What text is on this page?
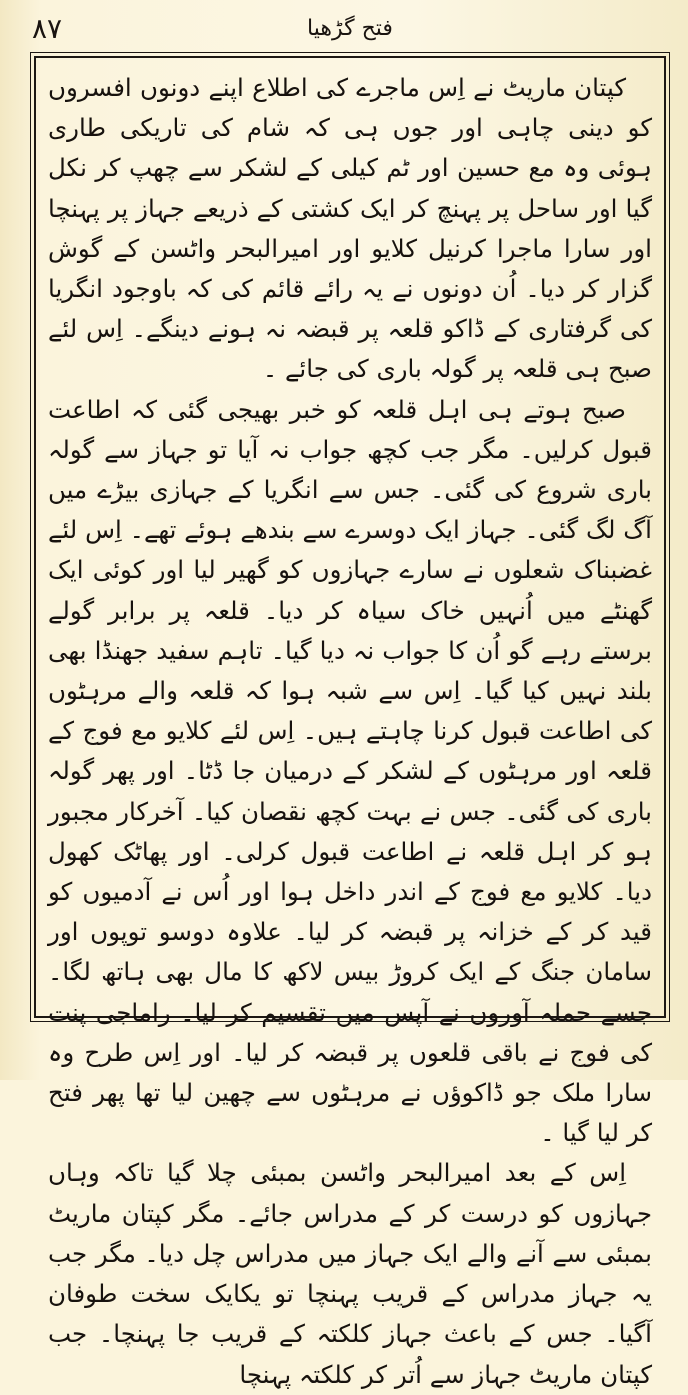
۸۷	فتح گڑھیا

کپتان ماریٹ نے اِس ماجرے کی اطلاع اپنے دونوں افسروں کو دینی چاہی اور جوں ہی کہ شام کی تاریکی طاری ہوئی وہ مع حسین اور ٹم کیلی کے لشکر سے چھپ کر نکل گیا اور ساحل پر پہنچ کر ایک کشتی کے ذریعے جہاز پر پہنچا اور سارا ماجرا کرنیل کلایو اور امیرالبحر واٹسن کے گوش گزار کر دیا۔ اُن دونوں نے یہ رائے قائم کی کہ باوجود انگریا کی گرفتاری کے ڈاکو قلعہ پر قبضہ نہ ہونے دینگے۔ اِس لئے صبح ہی قلعہ پر گولہ باری کی جائے ۔

صبح ہوتے ہی اہل قلعہ کو خبر بھیجی گئی کہ اطاعت قبول کرلیں۔ مگر جب کچھ جواب نہ آیا تو جہاز سے گولہ باری شروع کی گئی۔ جس سے انگریا کے جہازی بیڑے میں آگ لگ گئی۔ جہاز ایک دوسرے سے بندھے ہوئے تھے۔ اِس لئے غضبناک شعلوں نے سارے جہازوں کو گھیر لیا اور کوئی ایک گھنٹے میں اُنہیں خاک سیاہ کر دیا۔ قلعہ پر برابر گولے برستے رہے گو اُن کا جواب نہ دیا گیا۔ تاہم سفید جھنڈا بھی بلند نہیں کیا گیا۔ اِس سے شبہ ہوا کہ قلعہ والے مرہٹوں کی اطاعت قبول کرنا چاہتے ہیں۔ اِس لئے کلایو مع فوج کے قلعہ اور مرہٹوں کے لشکر کے درمیان جا ڈٹا۔ اور پھر گولہ باری کی گئی۔ جس نے بہت کچھ نقصان کیا۔ آخرکار مجبور ہو کر اہل قلعہ نے اطاعت قبول کرلی۔ اور پھاٹک کھول دیا۔ کلایو مع فوج کے اندر داخل ہوا اور اُس نے آدمیوں کو قید کر کے خزانہ پر قبضہ کر لیا۔ علاوہ دوسو توپوں اور سامان جنگ کے ایک کروڑ بیس لاکھ کا مال بھی ہاتھ لگا۔ جسے حملہ آوروں نے آپس میں تقسیم کر لیا۔ راماجی پنت کی فوج نے باقی قلعوں پر قبضہ کر لیا۔ اور اِس طرح وہ سارا ملک جو ڈاکوؤں نے مرہٹوں سے چھین لیا تھا پھر فتح کر لیا گیا ۔

اِس کے بعد امیرالبحر واٹسن بمبئی چلا گیا تاکہ وہاں جہازوں کو درست کر کے مدراس جائے۔ مگر کپتان ماریٹ بمبئی سے آنے والے ایک جہاز میں مدراس چل دیا۔ مگر جب یہ جہاز مدراس کے قریب پہنچا تو یکایک سخت طوفان آگیا۔ جس کے باعث جہاز کلکتہ کے قریب جا پہنچا۔ جب کپتان ماریٹ جہاز سے اُتر کر کلکتہ پہنچا
